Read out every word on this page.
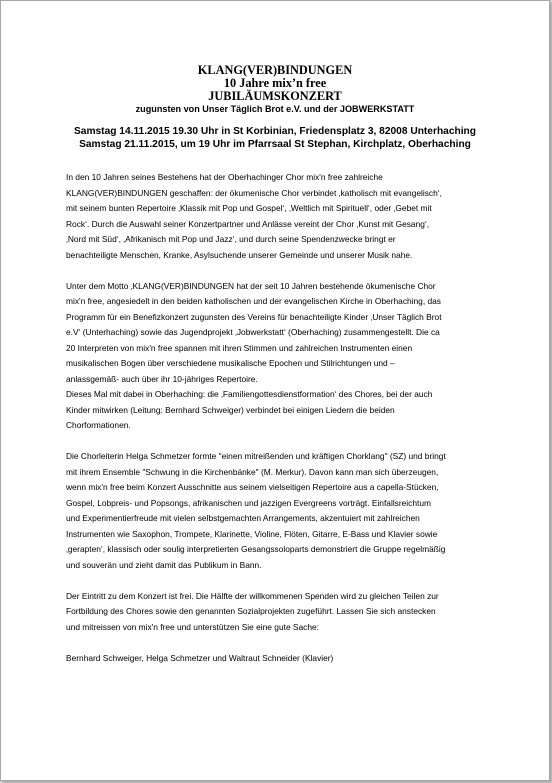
KLANG(VER)BINDUNGEN
10 Jahre mix’n free
JUBILÄUMSKONZERT
zugunsten von Unser Täglich Brot e.V. und der JOBWERKSTATT
Samstag 14.11.2015 19.30 Uhr in St Korbinian, Friedensplatz 3, 82008 Unterhaching
Samstag 21.11.2015, um 19 Uhr im Pfarrsaal St Stephan, Kirchplatz, Oberhaching

In den 10 Jahren seines Bestehens hat der Oberhachinger Chor mix'n free zahlreiche
KLANG(VER)BINDUNGEN geschaffen: der ökumenische Chor verbindet ‚katholisch mit evangelisch‘,
mit seinem bunten Repertoire ‚Klassik mit Pop und Gospel‘, ‚Weltlich mit Spirituell‘, oder ‚Gebet mit
Rock‘. Durch die Auswahl seiner Konzertpartner und Anlässe vereint der Chor ‚Kunst mit Gesang‘,
‚Nord mit Süd‘, ‚Afrikanisch mit Pop und Jazz‘, und durch seine Spendenzwecke bringt er
benachteiligte Menschen, Kranke, Asylsuchende unserer Gemeinde und unserer Musik nahe.

Unter dem Motto ‚KLANG(VER)BINDUNGEN hat der seit 10 Jahren bestehende ökumenische Chor
mix'n free, angesiedelt in den beiden katholischen und der evangelischen Kirche in Oberhaching, das
Programm für ein Benefizkonzert zugunsten des Vereins für benachteiligte Kinder ‚Unser Täglich Brot
e.V‘ (Unterhaching) sowie das Jugendprojekt ‚Jobwerkstatt‘ (Oberhaching) zusammengestellt. Die ca
20 Interpreten von mix'n free spannen mit ihren Stimmen und zahlreichen Instrumenten einen
musikalischen Bogen über verschiedene musikalische Epochen und Stilrichtungen und –
anlassgemäß- auch über ihr 10-jähriges Repertoire.
Dieses Mal mit dabei in Oberhaching: die ‚Familiengottesdienstformation‘ des Chores, bei der auch
Kinder mitwirken (Leitung: Bernhard Schweiger) verbindet bei einigen Liedern die beiden
Chorformationen.

Die Chorleiterin Helga Schmetzer formte "einen mitreißenden und kräftigen Chorklang" (SZ) und bringt
mit ihrem Ensemble "Schwung in die Kirchenbänke" (M. Merkur). Davon kann man sich überzeugen,
wenn mix'n free beim Konzert Ausschnitte aus seinem vielseitigen Repertoire aus a capella-Stücken,
Gospel, Lobpreis- und Popsongs, afrikanischen und jazzigen Evergreens vorträgt. Einfallsreichtum
und Experimentierfreude mit vielen selbstgemachten Arrangements, akzentuiert mit zahlreichen
Instrumenten wie Saxophon, Trompete, Klarinette, Violine, Flöten, Gitarre, E-Bass und Klavier sowie
‚gerapten‘, klassisch oder soulig interpretierten Gesangssoloparts demonstriert die Gruppe regelmäßig
und souverän und zieht damit das Publikum in Bann.

Der Eintritt zu dem Konzert ist frei. Die Hälfte der willkommenen Spenden wird zu gleichen Teilen zur
Fortbildung des Chores sowie den genannten Sozialprojekten zugeführt. Lassen Sie sich anstecken
und mitreissen von mix'n free und unterstützen Sie eine gute Sache:

Bernhard Schweiger, Helga Schmetzer und Waltraut Schneider (Klavier)
